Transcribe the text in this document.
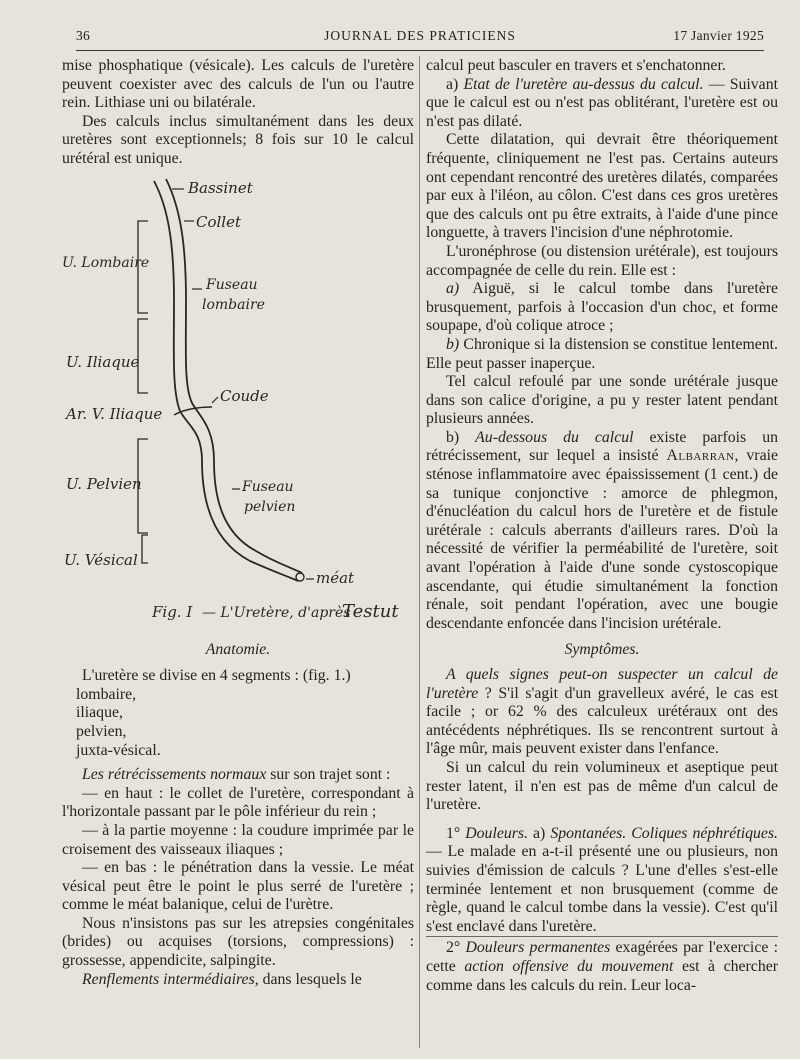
36	JOURNAL DES PRATICIENS	17 Janvier 1925

mise phosphatique (vésicale). Les calculs de l'uretère peuvent coexister avec des calculs de l'un ou l'autre rein. Lithiase uni ou bilatérale.

Des calculs inclus simultanément dans les deux uretères sont exceptionnels; 8 fois sur 10 le calcul urétéral est unique.

Bassinet
Collet
Fuseau
lombaire
U. Lombaire
U. Iliaque
Ar. V. Iliaque
Coude
U. Pelvien	Fuseau
pelvien
U. Vésical
méat
Fig. I — L'Uretère, d'après
Testut

Anatomie.

L'uretère se divise en 4 segments : (fig. 1.)

lombaire,

iliaque,

pelvien,

juxta-vésical.

Les rétrécissements normaux sur son trajet sont :

— en haut : le collet de l'uretère, correspondant à l'horizontale passant par le pôle inférieur du rein ;

— à la partie moyenne : la coudure imprimée par le croisement des vaisseaux iliaques ;

— en bas : le pénétration dans la vessie. Le méat vésical peut être le point le plus serré de l'uretère ; comme le méat balanique, celui de l'urètre.

Nous n'insistons pas sur les atrepsies congénitales (brides) ou acquises (torsions, compressions) : grossesse, appendicite, salpingite.

Renflements intermédiaires, dans lesquels le

calcul peut basculer en travers et s'enchatonner.

a) Etat de l'uretère au-dessus du calcul. — Suivant que le calcul est ou n'est pas oblitérant, l'uretère est ou n'est pas dilaté.

Cette dilatation, qui devrait être théoriquement fréquente, cliniquement ne l'est pas. Certains auteurs ont cependant rencontré des uretères dilatés, comparées par eux à l'iléon, au côlon. C'est dans ces gros uretères que des calculs ont pu être extraits, à l'aide d'une pince longuette, à travers l'incision d'une néphrotomie.

L'uronéphrose (ou distension urétérale), est toujours accompagnée de celle du rein. Elle est :

a) Aiguë, si le calcul tombe dans l'uretère brusquement, parfois à l'occasion d'un choc, et forme soupape, d'où colique atroce ;

b) Chronique si la distension se constitue lentement. Elle peut passer inaperçue.

Tel calcul refoulé par une sonde urétérale jusque dans son calice d'origine, a pu y rester latent pendant plusieurs années.

b) Au-dessous du calcul existe parfois un rétrécissement, sur lequel a insisté Albarran, vraie sténose inflammatoire avec épaississement (1 cent.) de sa tunique conjonctive : amorce de phlegmon, d'énucléation du calcul hors de l'uretère et de fistule urétérale : calculs aberrants d'ailleurs rares. D'où la nécessité de vérifier la perméabilité de l'uretère, soit avant l'opération à l'aide d'une sonde cystoscopique ascendante, qui étudie simultanément la fonction rénale, soit pendant l'opération, avec une bougie descendante enfoncée dans l'incision urétérale.

Symptômes.

A quels signes peut-on suspecter un calcul de l'uretère ? S'il s'agit d'un gravelleux avéré, le cas est facile ; or 62 % des calculeux urétéraux ont des antécédents néphrétiques. Ils se rencontrent surtout à l'âge mûr, mais peuvent exister dans l'enfance.

Si un calcul du rein volumineux et aseptique peut rester latent, il n'en est pas de même d'un calcul de l'uretère.

1° Douleurs. a) Spontanées. Coliques néphrétiques. — Le malade en a-t-il présenté une ou plusieurs, non suivies d'émission de calculs ? L'une d'elles s'est-elle terminée lentement et non brusquement (comme de règle, quand le calcul tombe dans la vessie). C'est qu'il s'est enclavé dans l'uretère.

2° Douleurs permanentes exagérées par l'exercice : cette action offensive du mouvement est à chercher comme dans les calculs du rein. Leur loca-
